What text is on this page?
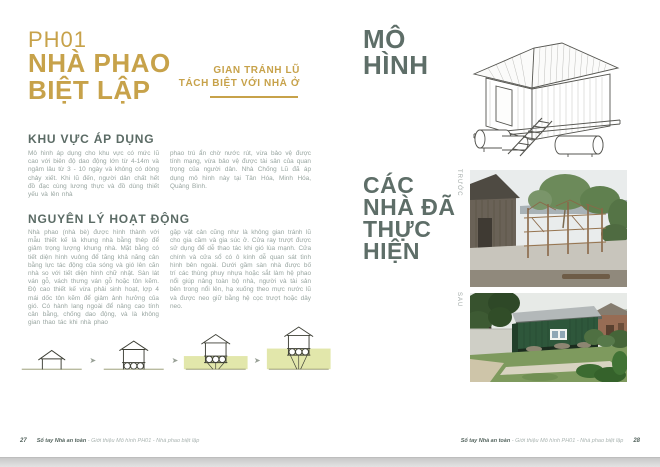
PH01
NHÀ PHAO
BIỆT LẬP
GIAN TRÁNH LŨ
TÁCH BIỆT VỚI NHÀ Ở
KHU VỰC ÁP DỤNG
Mô hình áp dụng cho khu vực có mức lũ cao với biên độ dao động lớn từ 4-14m và ngâm lâu từ 3 - 10 ngày và không có dòng chảy xiết. Khi lũ đến, người dân chất hết đồ đạc cùng lương thực và đồ dùng thiết yếu và lên nhà
phao trú ẩn chờ nước rút, vừa bảo vệ được tính mạng, vừa bảo vệ được tài sản của quan trọng của người dân. Nhà Chống Lũ đã áp dụng mô hình này tại Tân Hóa, Minh Hóa, Quảng Bình.
NGUYÊN LÝ HOẠT ĐỘNG
Nhà phao (nhà bè) được hình thành với mẫu thiết kế là khung nhà bằng thép để giảm trọng lượng khung nhà. Mặt bằng có tiết diện hình vuông để tăng khả năng cân bằng lực tác động của sóng và gió lên căn nhà so với tiết diện hình chữ nhật. Sàn lát ván gỗ, vách thưng ván gỗ hoặc tôn kẽm. Độ cao thiết kế vừa phải sinh hoạt, lợp 4 mái dốc tôn kẽm để giảm ảnh hưởng của gió. Có hành lang ngoài để nâng cao tính cân bằng, chống dao động, và là không gian thao tác khi nhà phao
gặp vật cản cũng như là không gian tránh lũ cho gia cầm và gia súc ở. Cửa ray trượt được sử dụng để dễ thao tác khi gió lùa mạnh. Cửa chính và cửa sổ có ô kính dễ quan sát tình hình bên ngoài. Dưới gầm sàn nhà được bố trí các thùng phuy nhựa hoặc sắt làm hệ phao nổi giúp nâng toàn bộ nhà, người và tài sản bên trong nổi lên, hạ xuống theo mực nước lũ và được neo giữ bằng hệ cọc trượt hoặc dây neo.
➤	➤	➤
27 Sổ tay Nhà an toàn - Giới thiệu Mô hình PH01 - Nhà phao biệt lập
MÔ
HÌNH
CÁC
NHÀ ĐÃ
THỰC
HIỆN
TRƯỚC
SAU
Sổ tay Nhà an toàn - Giới thiệu Mô hình PH01 - Nhà phao biệt lập 28
